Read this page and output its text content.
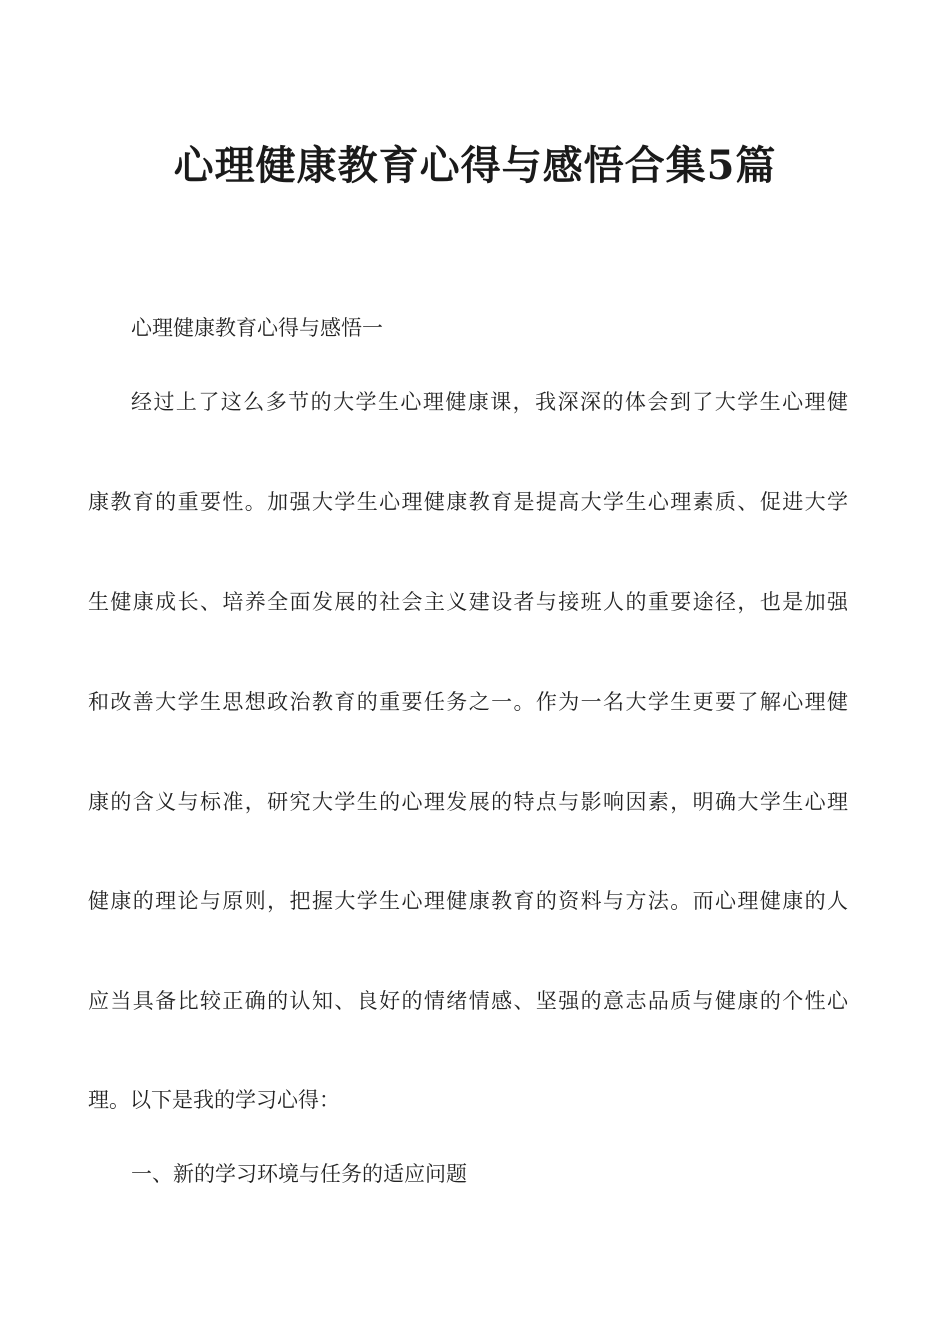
心理健康教育心得与感悟合集5篇
心理健康教育心得与感悟一
经过上了这么多节的大学生心理健康课，我深深的体会到了大学生心理健
康教育的重要性。加强大学生心理健康教育是提高大学生心理素质、促进大学
生健康成长、培养全面发展的社会主义建设者与接班人的重要途径，也是加强
和改善大学生思想政治教育的重要任务之一。作为一名大学生更要了解心理健
康的含义与标准，研究大学生的心理发展的特点与影响因素，明确大学生心理
健康的理论与原则，把握大学生心理健康教育的资料与方法。而心理健康的人
应当具备比较正确的认知、良好的情绪情感、坚强的意志品质与健康的个性心
理。以下是我的学习心得：
一、新的学习环境与任务的适应问题
